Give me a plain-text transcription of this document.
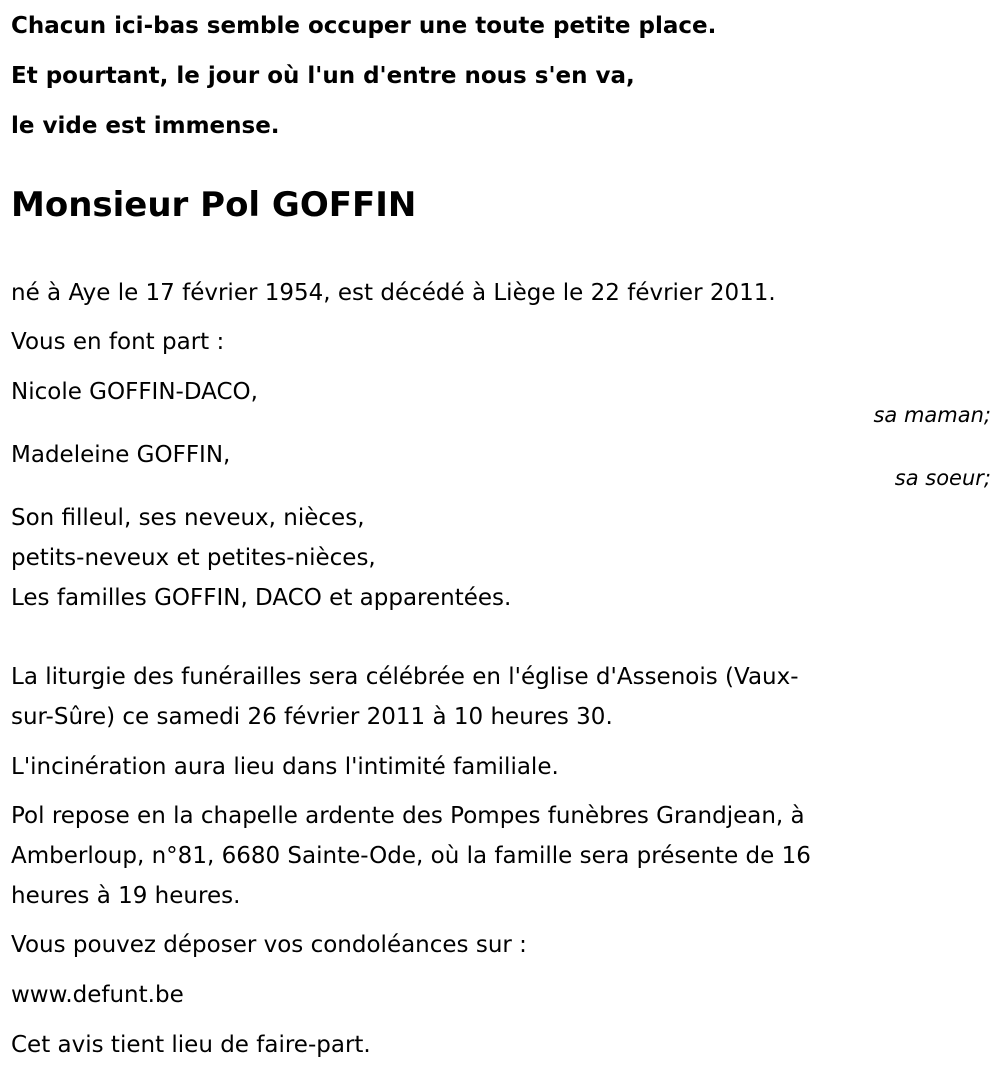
Chacun ici-bas semble occuper une toute petite place.
Et pourtant, le jour où l'un d'entre nous s'en va,
le vide est immense.
Monsieur Pol GOFFIN
né à Aye le 17 février 1954, est décédé à Liège le 22 février 2011.
Vous en font part :
Nicole GOFFIN-DACO,
sa maman;
Madeleine GOFFIN,
sa soeur;
Son filleul, ses neveux, nièces,
petits-neveux et petites-nièces,
Les familles GOFFIN, DACO et apparentées.
La liturgie des funérailles sera célébrée en l'église d'Assenois (Vaux-
sur-Sûre) ce samedi 26 février 2011 à 10 heures 30.
L'incinération aura lieu dans l'intimité familiale.
Pol repose en la chapelle ardente des Pompes funèbres Grandjean, à
Amberloup, n°81, 6680 Sainte-Ode, où la famille sera présente de 16
heures à 19 heures.
Vous pouvez déposer vos condoléances sur :
www.defunt.be
Cet avis tient lieu de faire-part.
